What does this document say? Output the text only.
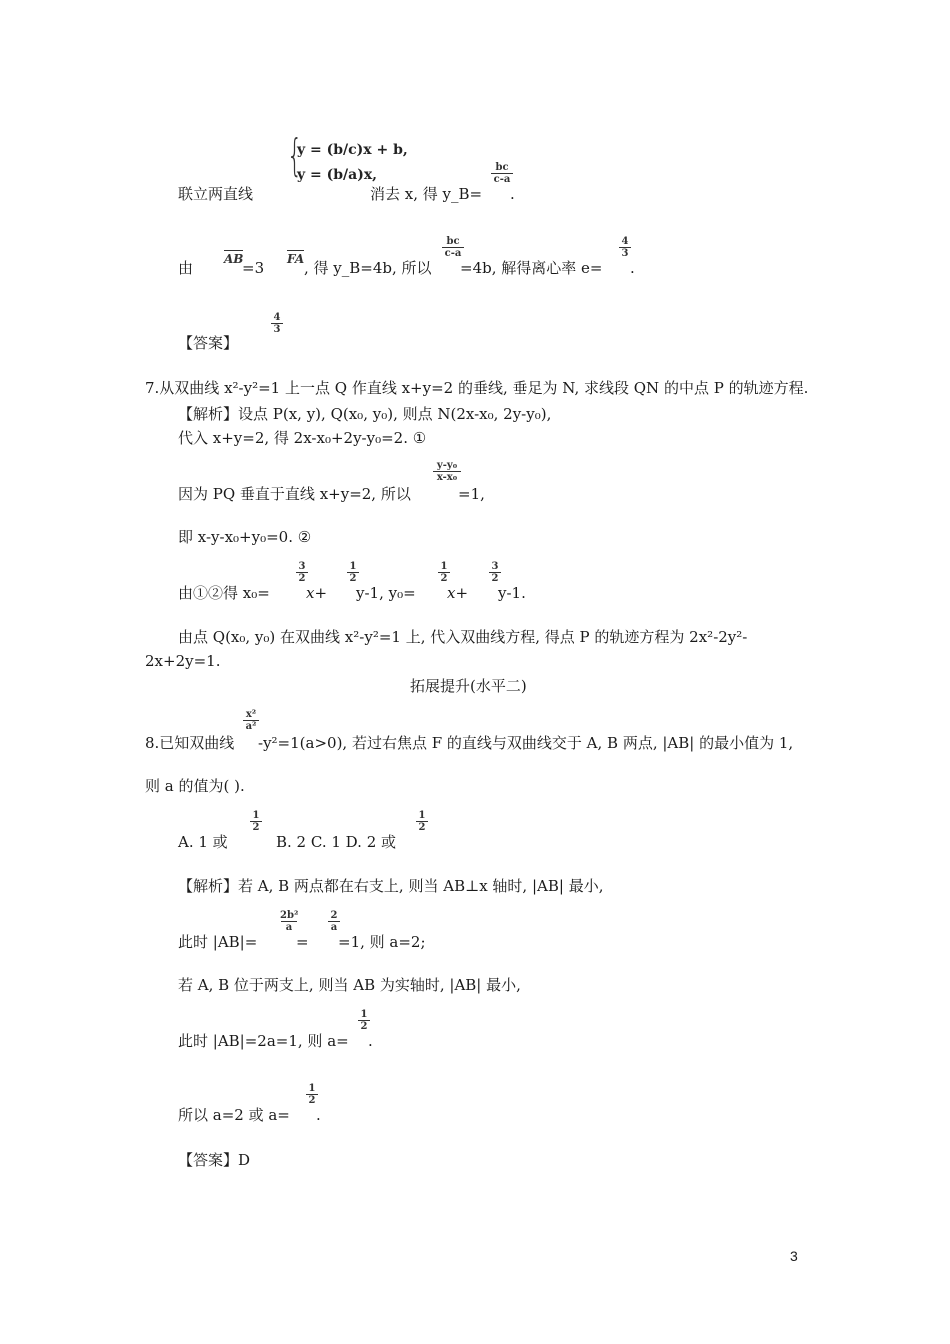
{
y = (b/c)x + b,
y = (b/a)x,
联立两直线	消去 x, 得 y_B=
bc
c-a
.
由	AB
=3 FA , 得 y_B=4b, 所以
bc
c-a
=4b, 解得离心率 e=
4
3
.
【答案】
4
3
7.从双曲线 x²-y²=1 上一点 Q 作直线 x+y=2 的垂线, 垂足为 N, 求线段 QN 的中点 P 的轨迹方程.
【解析】设点 P(x, y), Q(x₀, y₀), 则点 N(2x-x₀, 2y-y₀),
代入 x+y=2, 得 2x-x₀+2y-y₀=2. ①
因为 PQ 垂直于直线 x+y=2, 所以
y-y₀
x-x₀
=1,
即 x-y-x₀+y₀=0. ②
由①②得 x₀=
3
2
x+
1
2
y-1, y₀=
1
2
x+
3
2
y-1.
由点 Q(x₀, y₀) 在双曲线 x²-y²=1 上, 代入双曲线方程, 得点 P 的轨迹方程为 2x²-2y²-
2x+2y=1.
拓展提升(水平二)
8.已知双曲线
x²
a²
-y²=1(a>0), 若过右焦点 F 的直线与双曲线交于 A, B 两点, |AB| 的最小值为 1,
则 a 的值为( ).
A. 1 或
1
2
B. 2 C. 1 D. 2 或
1
2
【解析】若 A, B 两点都在右支上, 则当 AB⊥x 轴时, |AB| 最小,
此时 |AB|=
2b²
a
=
2
a
=1, 则 a=2;
若 A, B 位于两支上, 则当 AB 为实轴时, |AB| 最小,
此时 |AB|=2a=1, 则 a=
1
2
.
所以 a=2 或 a=
1
2
.
【答案】D
3
